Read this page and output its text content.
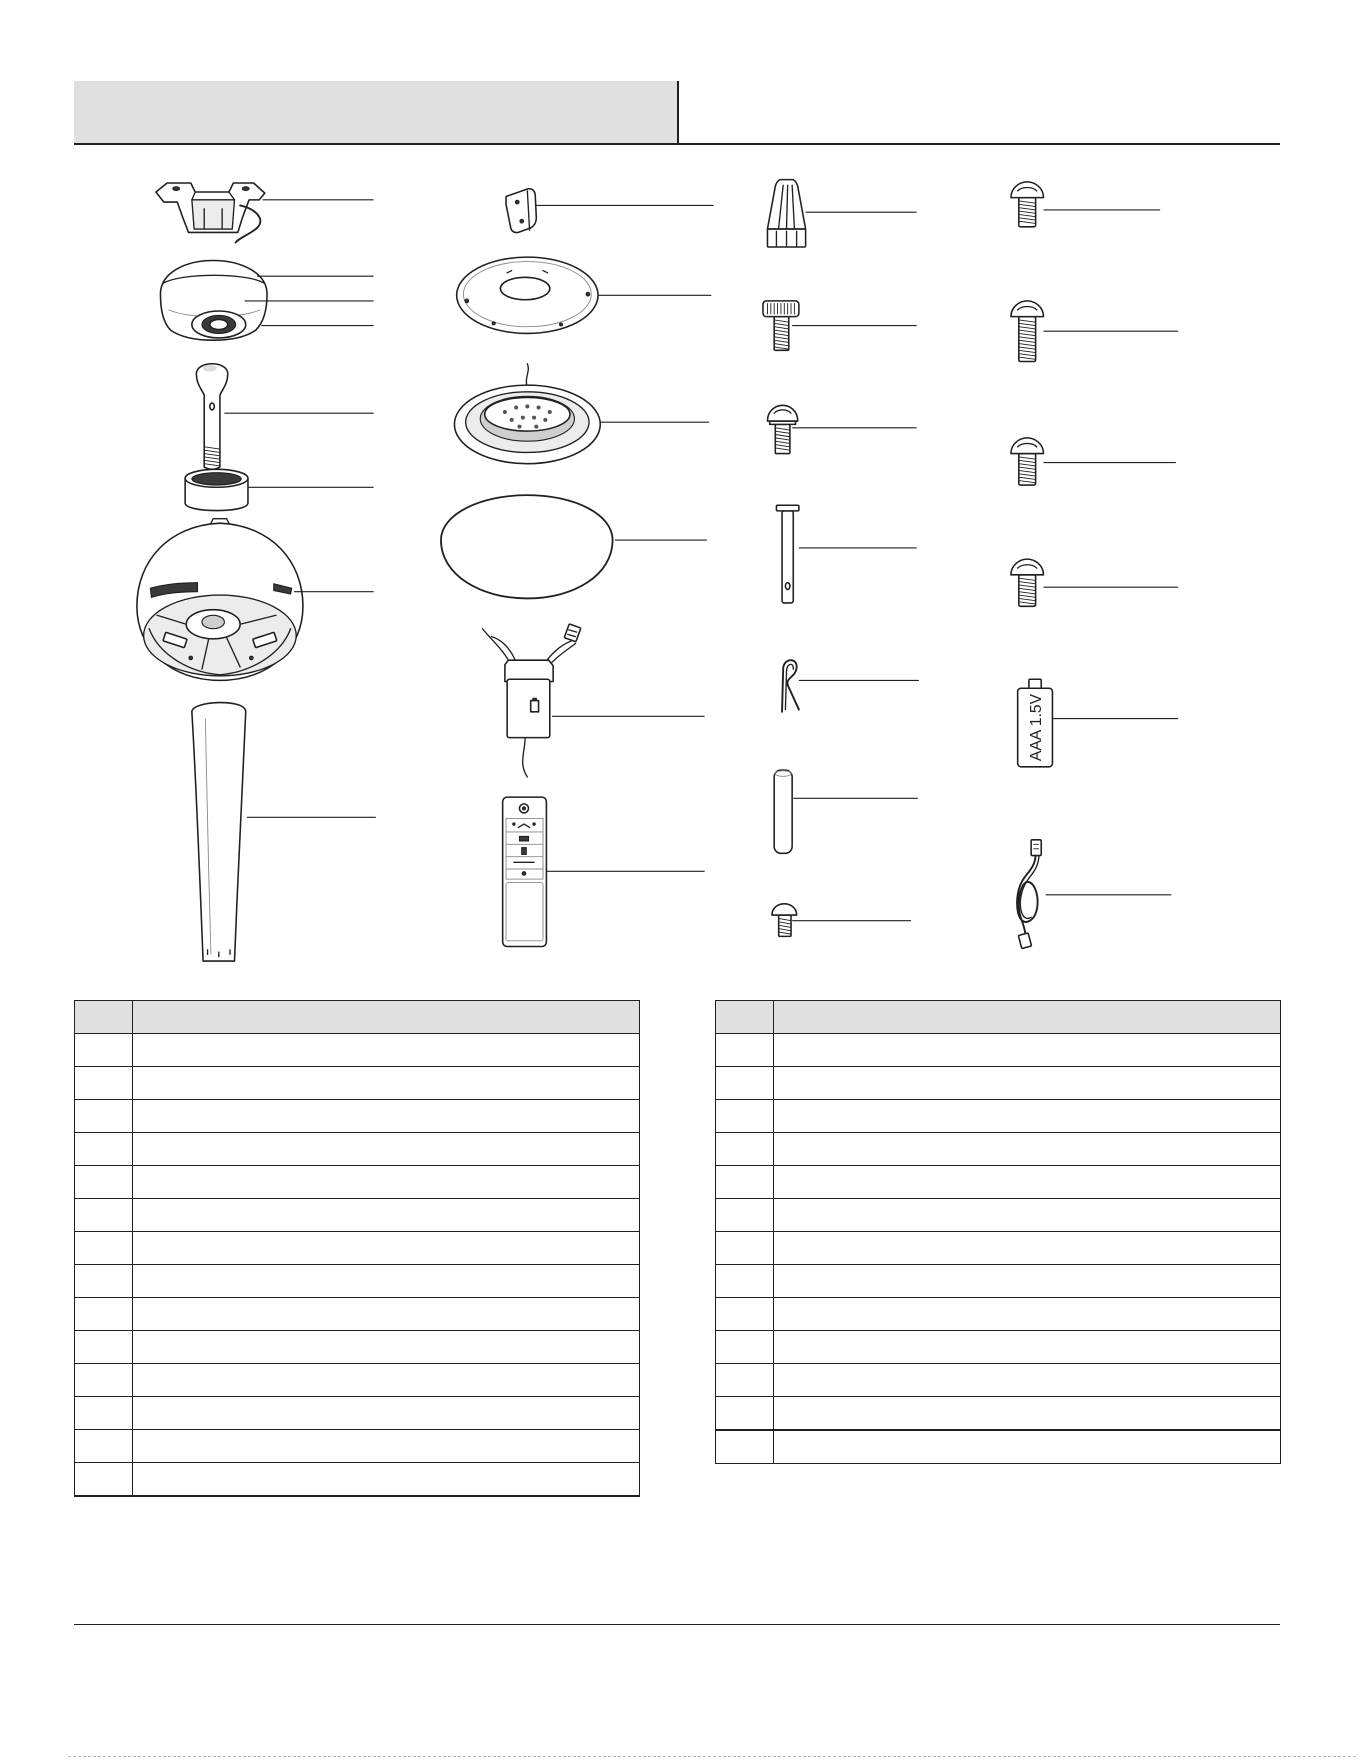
AAA 1.5V
